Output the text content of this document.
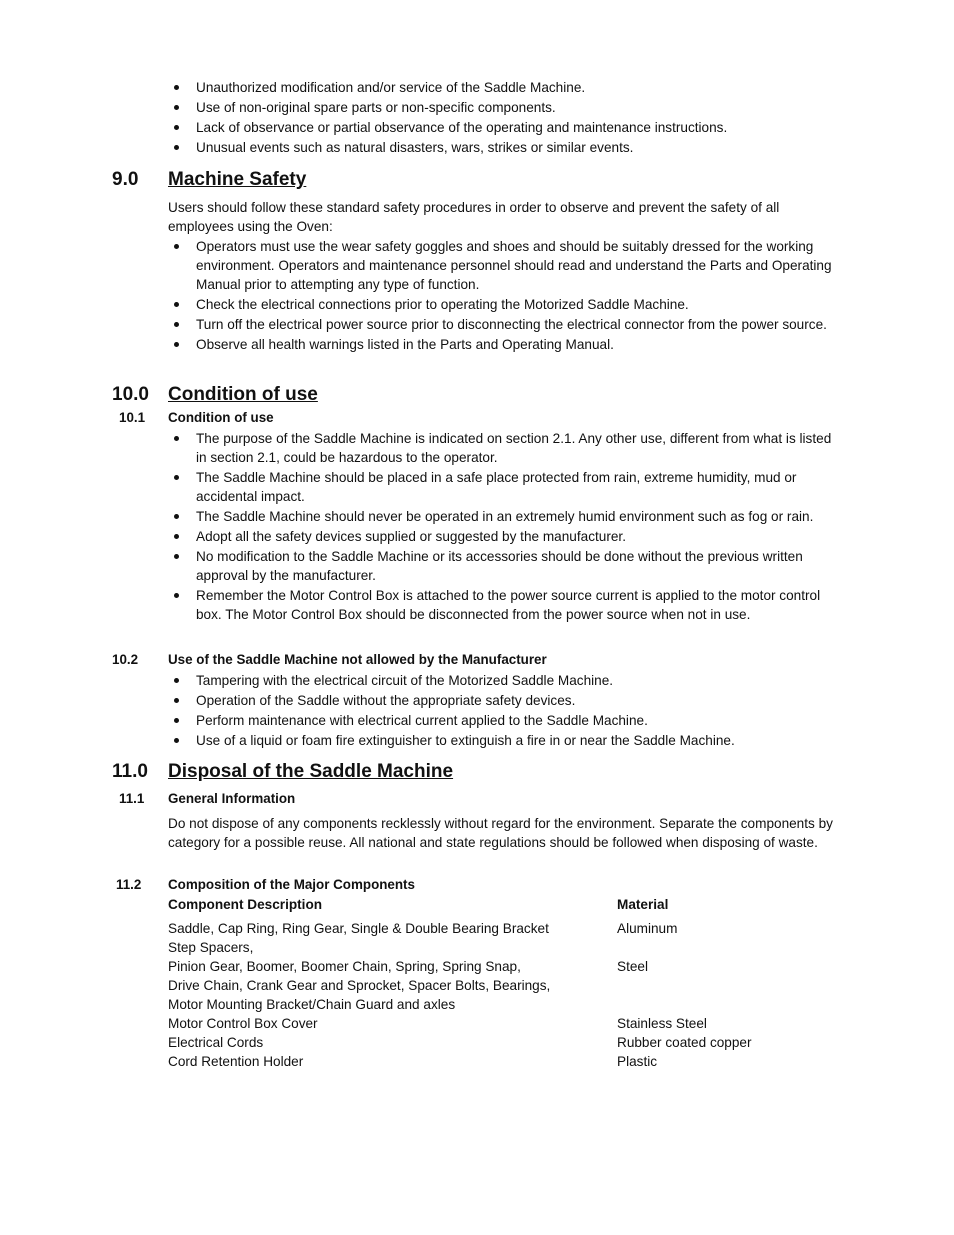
Unauthorized modification and/or service of the Saddle Machine.
Use of non-original spare parts or non-specific components.
Lack of observance or partial observance of the operating and maintenance instructions.
Unusual events such as natural disasters, wars, strikes or similar events.
9.0 Machine Safety
Users should follow these standard safety procedures in order to observe and prevent the safety of all employees using the Oven:
Operators must use the wear safety goggles and shoes and should be suitably dressed for the working environment. Operators and maintenance personnel should read and understand the Parts and Operating Manual prior to attempting any type of function.
Check the electrical connections prior to operating the Motorized Saddle Machine.
Turn off the electrical power source prior to disconnecting the electrical connector from the power source.
Observe all health warnings listed in the Parts and Operating Manual.
10.0 Condition of use
10.1 Condition of use
The purpose of the Saddle Machine is indicated on section 2.1. Any other use, different from what is listed in section 2.1, could be hazardous to the operator.
The Saddle Machine should be placed in a safe place protected from rain, extreme humidity, mud or accidental impact.
The Saddle Machine should never be operated in an extremely humid environment such as fog or rain.
Adopt all the safety devices supplied or suggested by the manufacturer.
No modification to the Saddle Machine or its accessories should be done without the previous written approval by the manufacturer.
Remember the Motor Control Box is attached to the power source current is applied to the motor control box. The Motor Control Box should be disconnected from the power source when not in use.
10.2 Use of the Saddle Machine not allowed by the Manufacturer
Tampering with the electrical circuit of the Motorized Saddle Machine.
Operation of the Saddle without the appropriate safety devices.
Perform maintenance with electrical current applied to the Saddle Machine.
Use of a liquid or foam fire extinguisher to extinguish a fire in or near the Saddle Machine.
11.0 Disposal of the Saddle Machine
11.1 General Information
Do not dispose of any components recklessly without regard for the environment. Separate the components by category for a possible reuse. All national and state regulations should be followed when disposing of waste.
11.2 Composition of the Major Components
Component Description	Material
Saddle, Cap Ring, Ring Gear, Single & Double Bearing Bracket	Aluminum
Step Spacers,
Pinion Gear, Boomer, Boomer Chain, Spring, Spring Snap,	Steel
Drive Chain, Crank Gear and Sprocket, Spacer Bolts, Bearings,
Motor Mounting Bracket/Chain Guard and axles
Motor Control Box Cover	Stainless Steel
Electrical Cords	Rubber coated copper
Cord Retention Holder	Plastic
